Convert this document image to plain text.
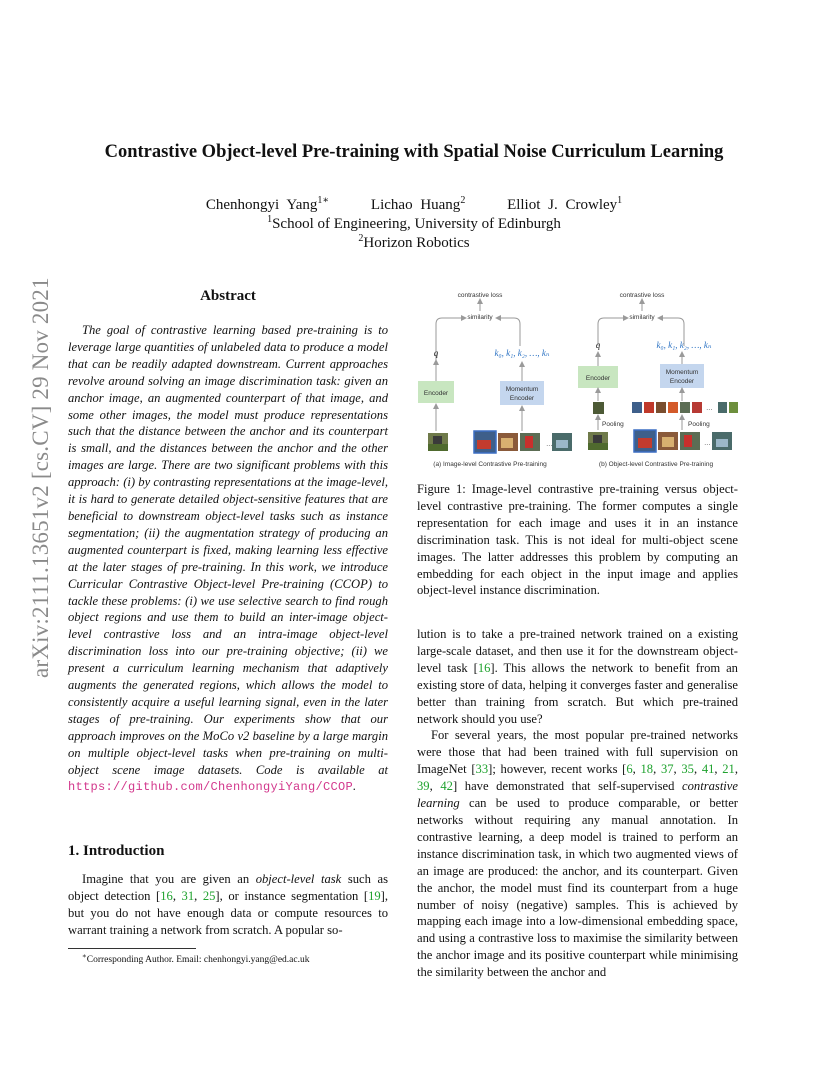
Contrastive Object-level Pre-training with Spatial Noise Curriculum Learning
Chenhongyi Yang$^{1∗}$	Lichao Huang$^2$	Elliot J. Crowley$^1$
$^1$School of Engineering, University of Edinburgh
$^2$Horizon Robotics
arXiv:2111.13651v2 [cs.CV] 29 Nov 2021	Abstract

The goal of contrastive learning based pre-training is to leverage large quantities of unlabeled data to produce a model that can be readily adapted downstream. Current approaches revolve around solving an image discrimination task: given an anchor image, an augmented counterpart of that image, and some other images, the model must produce representations such that the distance between the anchor and its counterpart is small, and the distances between the anchor and the other images are large. There are two significant problems with this approach: (i) by contrasting representations at the image-level, it is hard to generate detailed object-sensitive features that are beneficial to downstream object-level tasks such as instance segmentation; (ii) the augmentation strategy of producing an augmented counterpart is fixed, making learning less effective at the later stages of pre-training. In this work, we introduce Curricular Contrastive Object-level Pre-training (CCOP) to tackle these problems: (i) we use selective search to find rough object regions and use them to build an inter-image object-level contrastive loss and an intra-image object-level discrimination loss into our pre-training objective; (ii) we present a curriculum learning mechanism that adaptively augments the generated regions, which allows the model to consistently acquire a useful learning signal, even in the later stages of pre-training. Our experiments show that our approach improves on the MoCo v2 baseline by a large margin on multiple object-level tasks when pre-training on multi-object scene image datasets. Code is available at https://github.com/ChenhongyiYang/CCOP.

1. Introduction

Imagine that you are given an object-level task such as object detection [16, 31, 25], or instance segmentation [19], but you do not have enough data or compute resources to warrant training a network from scratch. A popular so-

∗Corresponding Author. Email: chenhongyi.yang@ed.ac.uk
contrastive loss
similarity
q	k₀, k₁, k₂, …, kₙ
Encoder
Momentum
Encoder
…
(a) Image-level Contrastive Pre-training
contrastive loss
similarity
q	k₀, k₁, k₂, …, kₙ
Encoder
Momentum
Encoder
…
Pooling	Pooling
…
(b) Object-level Contrastive Pre-training
Figure 1: Image-level contrastive pre-training versus object-level contrastive pre-training. The former computes a single representation for each image and uses it in an instance discrimination task. This is not ideal for multi-object scene images. The latter addresses this problem by computing an embedding for each object in the input image and applies object-level instance discrimination.

lution is to take a pre-trained network trained on a existing large-scale dataset, and then use it for the downstream object-level task [16]. This allows the network to benefit from an existing store of data, helping it converges faster and generalise better than training from scratch. But which pre-trained network should you use?

For several years, the most popular pre-trained networks were those that had been trained with full supervision on ImageNet [33]; however, recent works [6, 18, 37, 35, 41, 21, 39, 42] have demonstrated that self-supervised contrastive learning can be used to produce comparable, or better networks without requiring any manual annotation. In contrastive learning, a deep model is trained to perform an instance discrimination task, in which two augmented views of an image are produced: the anchor, and its counterpart. Given the anchor, the model must find its counterpart from a huge number of noisy (negative) samples. This is achieved by mapping each image into a low-dimensional embedding space, and using a contrastive loss to maximise the similarity between the anchor image and its positive counterpart while minimising the similarity between the anchor and
